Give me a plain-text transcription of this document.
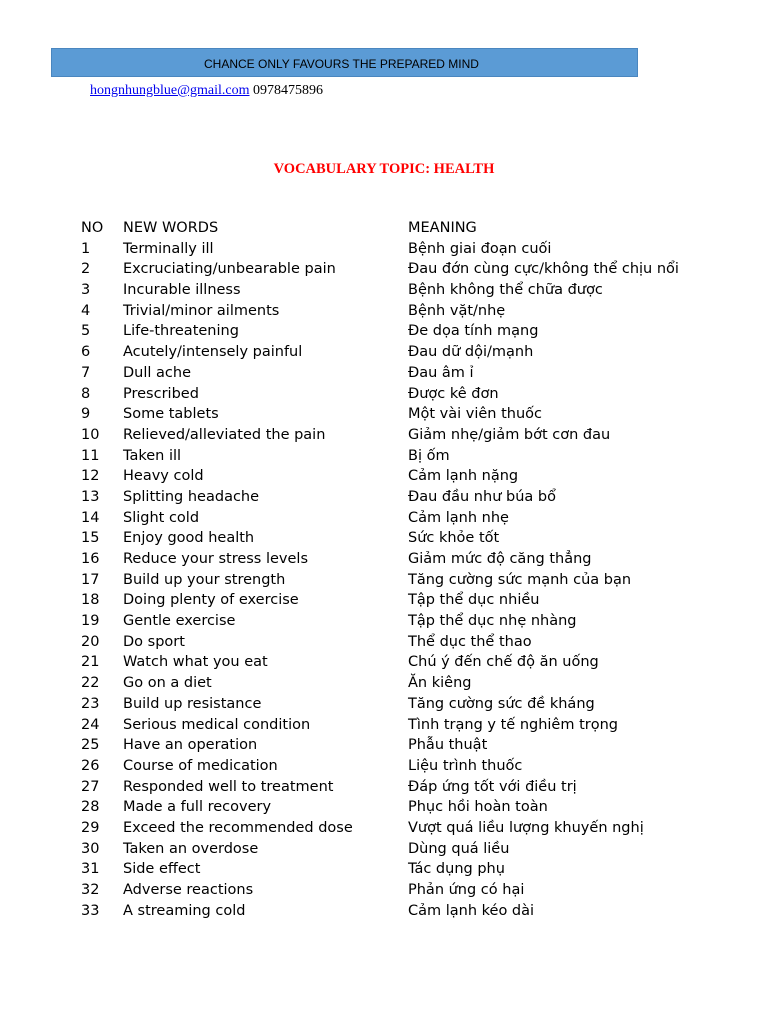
CHANCE ONLY FAVOURS THE PREPARED MIND
hongnhungblue@gmail.com 0978475896
VOCABULARY TOPIC: HEALTH
NO	NEW WORDS	MEANING
1	Terminally ill	Bệnh giai đoạn cuối
2	Excruciating/unbearable pain	Đau đớn cùng cực/không thể chịu nổi
3	Incurable illness	Bệnh không thể chữa được
4	Trivial/minor ailments	Bệnh vặt/nhẹ
5	Life-threatening	Đe dọa tính mạng
6	Acutely/intensely painful	Đau dữ dội/mạnh
7	Dull ache	Đau âm ỉ
8	Prescribed	Được kê đơn
9	Some tablets	Một vài viên thuốc
10	Relieved/alleviated the pain	Giảm nhẹ/giảm bớt cơn đau
11	Taken ill	Bị ốm
12	Heavy cold	Cảm lạnh nặng
13	Splitting headache	Đau đầu như búa bổ
14	Slight cold	Cảm lạnh nhẹ
15	Enjoy good health	Sức khỏe tốt
16	Reduce your stress levels	Giảm mức độ căng thẳng
17	Build up your strength	Tăng cường sức mạnh của bạn
18	Doing plenty of exercise	Tập thể dục nhiều
19	Gentle exercise	Tập thể dục nhẹ nhàng
20	Do sport	Thể dục thể thao
21	Watch what you eat	Chú ý đến chế độ ăn uống
22	Go on a diet	Ăn kiêng
23	Build up resistance	Tăng cường sức đề kháng
24	Serious medical condition	Tình trạng y tế nghiêm trọng
25	Have an operation	Phẫu thuật
26	Course of medication	Liệu trình thuốc
27	Responded well to treatment	Đáp ứng tốt với điều trị
28	Made a full recovery	Phục hồi hoàn toàn
29	Exceed the recommended dose	Vượt quá liều lượng khuyến nghị
30	Taken an overdose	Dùng quá liều
31	Side effect	Tác dụng phụ
32	Adverse reactions	Phản ứng có hại
33	A streaming cold	Cảm lạnh kéo dài
